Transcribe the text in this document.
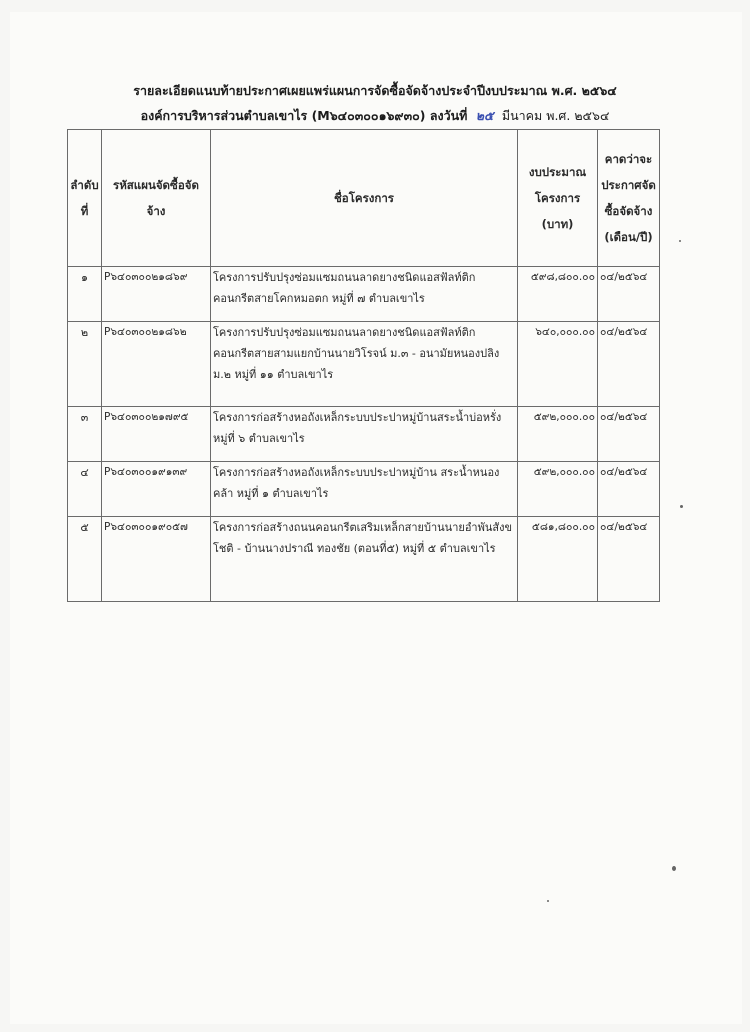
รายละเอียดแนบท้ายประกาศเผยแพร่แผนการจัดซื้อจัดจ้างประจำปีงบประมาณ พ.ศ. ๒๕๖๔
องค์การบริหารส่วนตำบลเขาไร (M๖๔๐๓๐๐๑๖๙๓๐) ลงวันที่ ๒๕ มีนาคม พ.ศ. ๒๕๖๔
ลำดับที่	รหัสแผนจัดซื้อจัดจ้าง	ชื่อโครงการ	งบประมาณโครงการ (บาท)	คาดว่าจะประกาศจัดซื้อจัดจ้าง (เดือน/ปี)
๑	P๖๔๐๓๐๐๒๑๘๖๙	โครงการปรับปรุงซ่อมแซมถนนลาดยางชนิดแอสฟัลท์ติกคอนกรีตสายโคกหมอตก หมู่ที่ ๗ ตำบลเขาไร	๕๙๘,๘๐๐.๐๐	๐๔/๒๕๖๔
๒	P๖๔๐๓๐๐๒๑๘๖๒	โครงการปรับปรุงซ่อมแซมถนนลาดยางชนิดแอสฟัลท์ติกคอนกรีตสายสามแยกบ้านนายวิโรจน์ ม.๓ - อนามัยหนองปลิง ม.๒ หมู่ที่ ๑๑ ตำบลเขาไร	๖๔๐,๐๐๐.๐๐	๐๔/๒๕๖๔
๓	P๖๔๐๓๐๐๒๑๗๙๕	โครงการก่อสร้างหอถังเหล็กระบบประปาหมู่บ้านสระน้ำบ่อหรั่ง หมู่ที่ ๖ ตำบลเขาไร	๕๙๒,๐๐๐.๐๐	๐๔/๒๕๖๔
๔	P๖๔๐๓๐๐๑๙๑๓๙	โครงการก่อสร้างหอถังเหล็กระบบประปาหมู่บ้าน สระน้ำหนองคล้า หมู่ที่ ๑ ตำบลเขาไร	๕๙๒,๐๐๐.๐๐	๐๔/๒๕๖๔
๕	P๖๔๐๓๐๐๑๙๐๕๗	โครงการก่อสร้างถนนคอนกรีตเสริมเหล็กสายบ้านนายอำพันสังขโชติ - บ้านนางปราณี ทองชัย (ตอนที่๕) หมู่ที่ ๕ ตำบลเขาไร	๕๘๑,๘๐๐.๐๐	๐๔/๒๕๖๔
